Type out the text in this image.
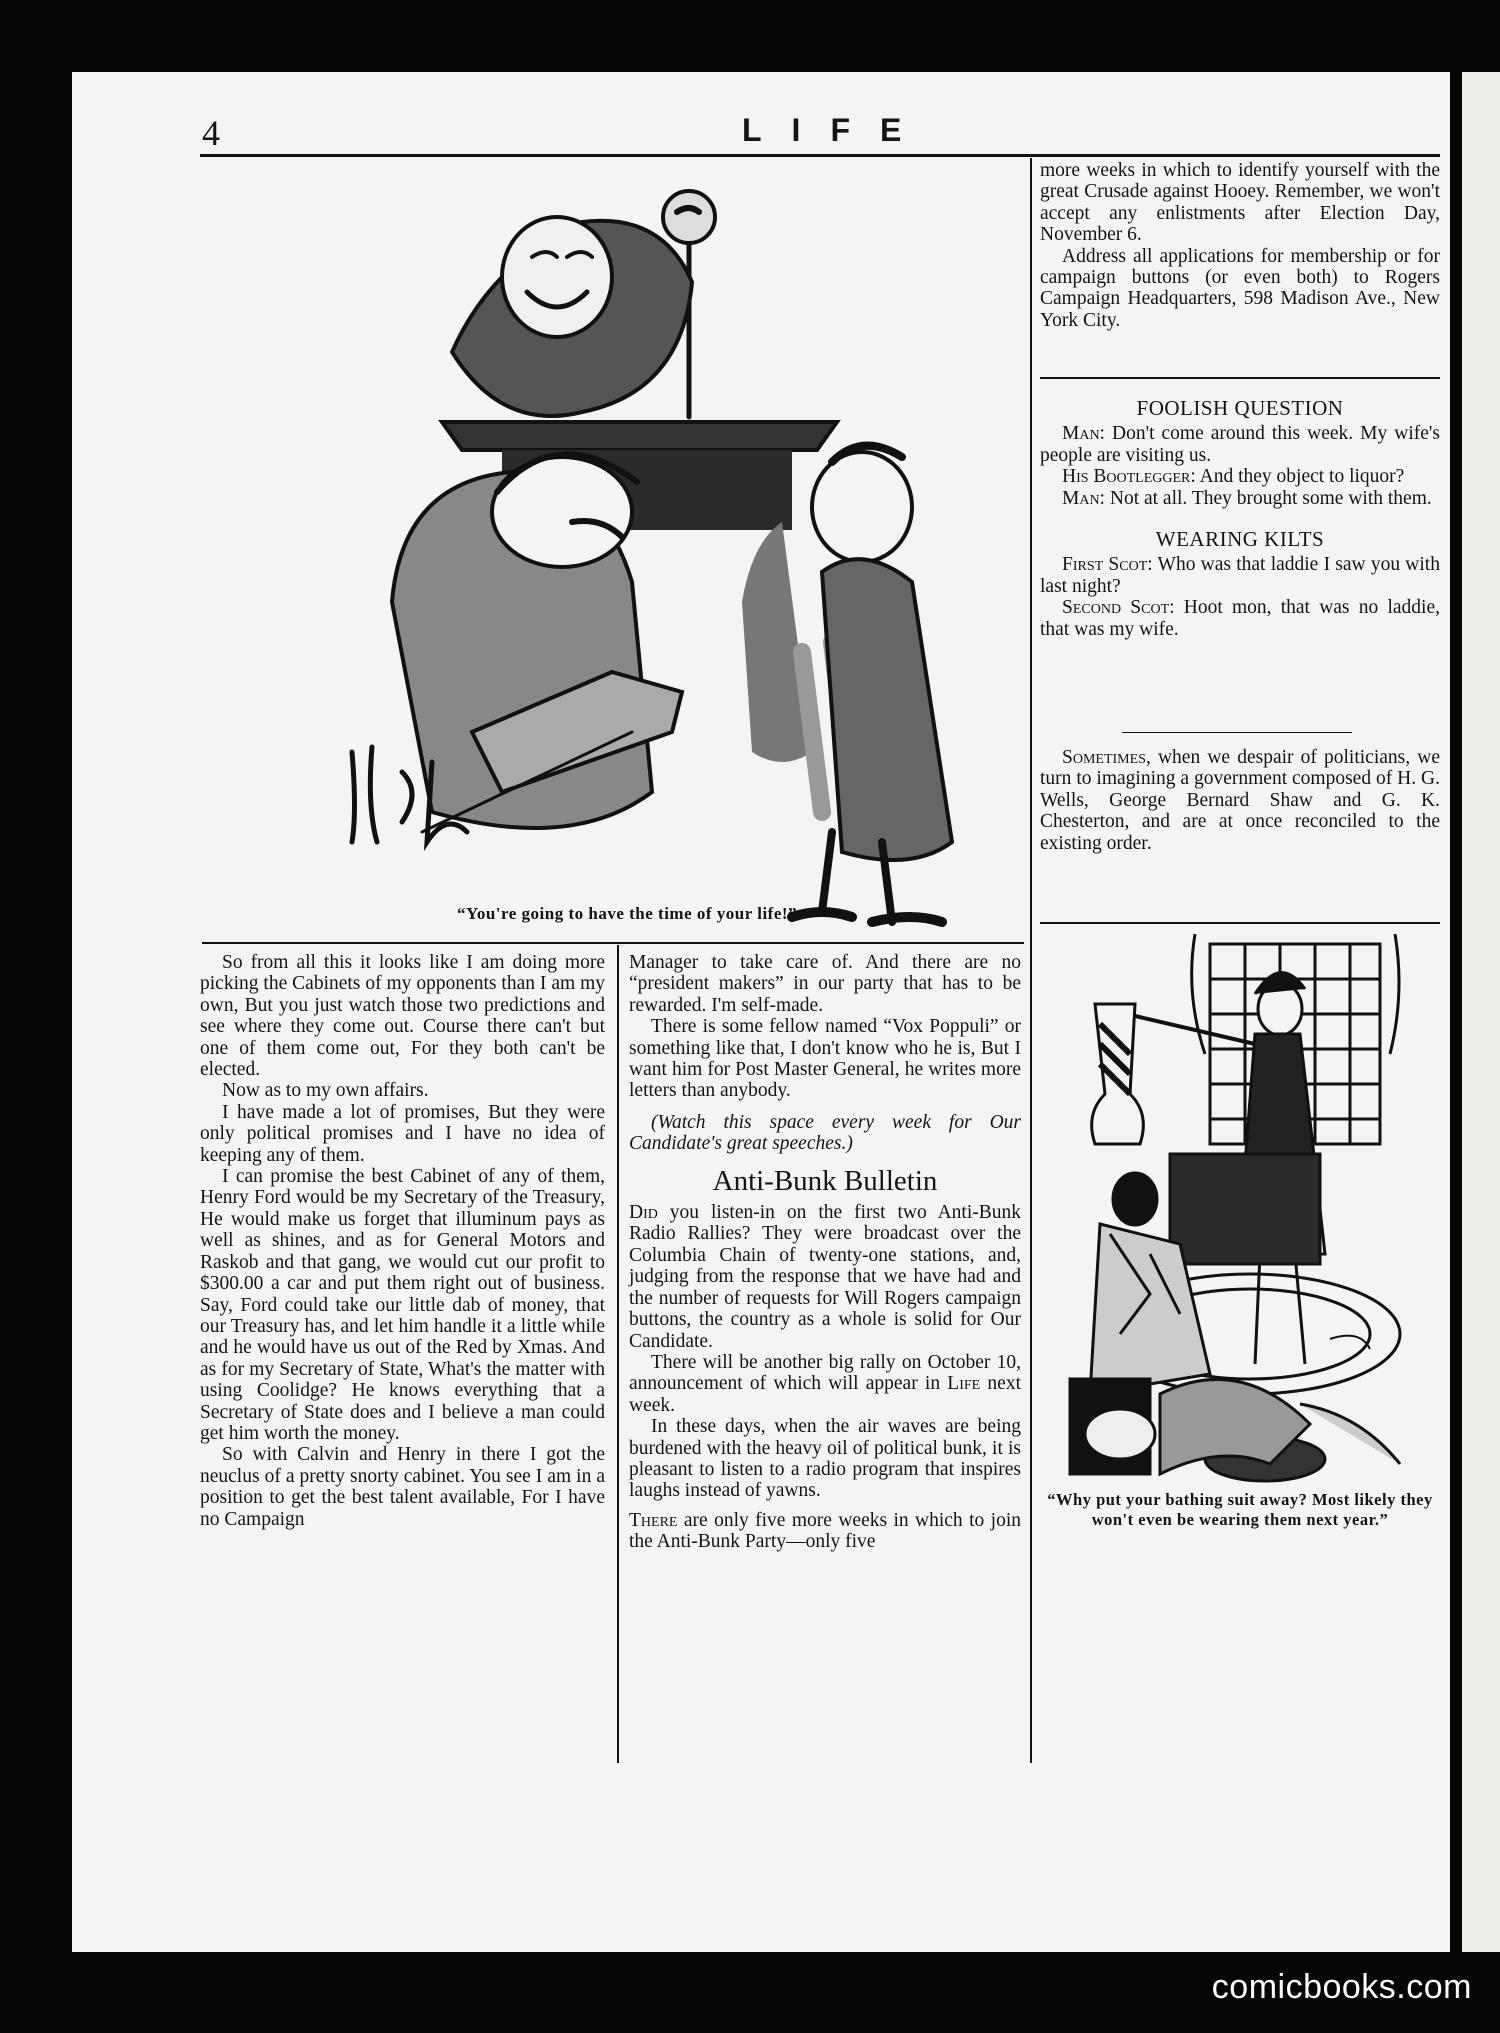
4	LIFE
“You're going to have the time of your life!”

more weeks in which to identify yourself with the great Crusade against Hooey. Remember, we won't accept any enlistments after Election Day, November 6.

Address all applications for membership or for campaign buttons (or even both) to Rogers Campaign Headquarters, 598 Madison Ave., New York City.

FOOLISH QUESTION

Man: Don't come around this week. My wife's people are visiting us.

His Bootlegger: And they object to liquor?

Man: Not at all. They brought some with them.

WEARING KILTS

First Scot: Who was that laddie I saw you with last night?

Second Scot: Hoot mon, that was no laddie, that was my wife.

Sometimes, when we despair of politicians, we turn to imagining a government composed of H. G. Wells, George Bernard Shaw and G. K. Chesterton, and are at once reconciled to the existing order.

“Why put your bathing suit away? Most likely they won't even be wearing them next year.”

So from all this it looks like I am doing more picking the Cabinets of my opponents than I am my own, But you just watch those two predictions and see where they come out. Course there can't but one of them come out, For they both can't be elected.

Now as to my own affairs.

I have made a lot of promises, But they were only political promises and I have no idea of keeping any of them.

I can promise the best Cabinet of any of them, Henry Ford would be my Secretary of the Treasury, He would make us forget that illuminum pays as well as shines, and as for General Motors and Raskob and that gang, we would cut our profit to $300.00 a car and put them right out of business. Say, Ford could take our little dab of money, that our Treasury has, and let him handle it a little while and he would have us out of the Red by Xmas. And as for my Secretary of State, What's the matter with using Coolidge? He knows everything that a Secretary of State does and I believe a man could get him worth the money.

So with Calvin and Henry in there I got the neuclus of a pretty snorty cabinet. You see I am in a position to get the best talent available, For I have no Campaign

Manager to take care of. And there are no “president makers” in our party that has to be rewarded. I'm self-made.

There is some fellow named “Vox Poppuli” or something like that, I don't know who he is, But I want him for Post Master General, he writes more letters than anybody.

(Watch this space every week for Our Candidate's great speeches.)

Anti-Bunk Bulletin

Did you listen-in on the first two Anti-Bunk Radio Rallies? They were broadcast over the Columbia Chain of twenty-one stations, and, judging from the response that we have had and the number of requests for Will Rogers campaign buttons, the country as a whole is solid for Our Candidate.

There will be another big rally on October 10, announcement of which will appear in Life next week.

In these days, when the air waves are being burdened with the heavy oil of political bunk, it is pleasant to listen to a radio program that inspires laughs instead of yawns.

There are only five more weeks in which to join the Anti-Bunk Party—only five

comicbooks.com
